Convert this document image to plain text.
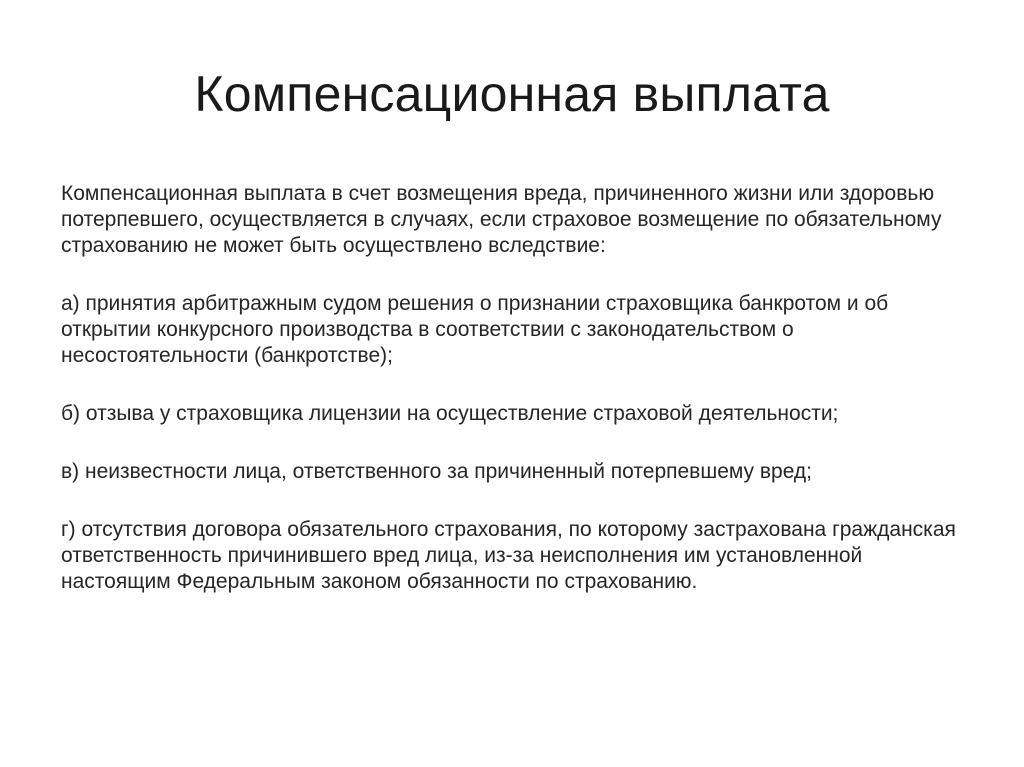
Компенсационная выплата

Компенсационная выплата в счет возмещения вреда, причиненного жизни или здоровью потерпевшего, осуществляется в случаях, если страховое возмещение по обязательному страхованию не может быть осуществлено вследствие:

а) принятия арбитражным судом решения о признании страховщика банкротом и об открытии конкурсного производства в соответствии с законодательством о несостоятельности (банкротстве);

б) отзыва у страховщика лицензии на осуществление страховой деятельности;

в) неизвестности лица, ответственного за причиненный потерпевшему вред;

г) отсутствия договора обязательного страхования, по которому застрахована гражданская ответственность причинившего вред лица, из-за неисполнения им установленной настоящим Федеральным законом обязанности по страхованию.
